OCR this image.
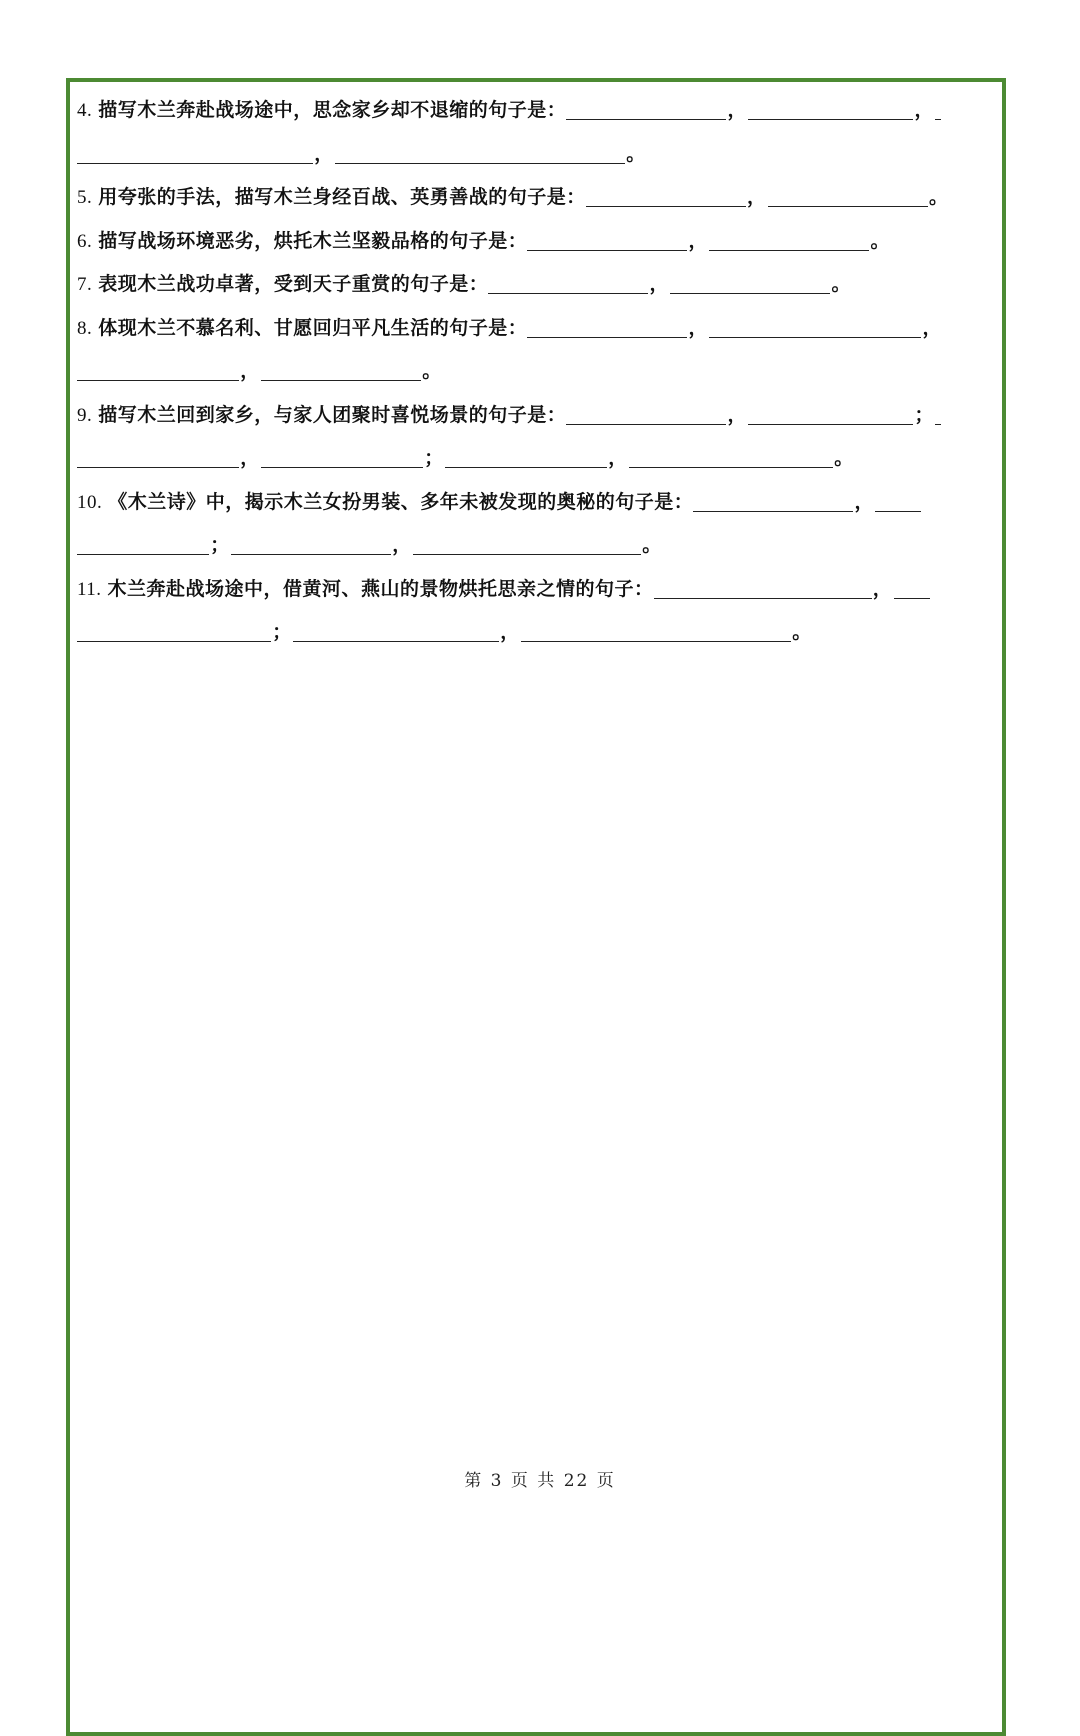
4. 描写木兰奔赴战场途中，思念家乡却不退缩的句子是：	，	，
，	。
5. 用夸张的手法，描写木兰身经百战、英勇善战的句子是：	，	。
6. 描写战场环境恶劣，烘托木兰坚毅品格的句子是：	，	。
7. 表现木兰战功卓著，受到天子重赏的句子是：	，	。
8. 体现木兰不慕名利、甘愿回归平凡生活的句子是：	，	，
，	。
9. 描写木兰回到家乡，与家人团聚时喜悦场景的句子是：	，	；
，	；	，	。
10. 《木兰诗》中，揭示木兰女扮男装、多年未被发现的奥秘的句子是：	，
；	，	。
11. 木兰奔赴战场途中，借黄河、燕山的景物烘托思亲之情的句子：	，
；	，	。
第 3 页 共 22 页
